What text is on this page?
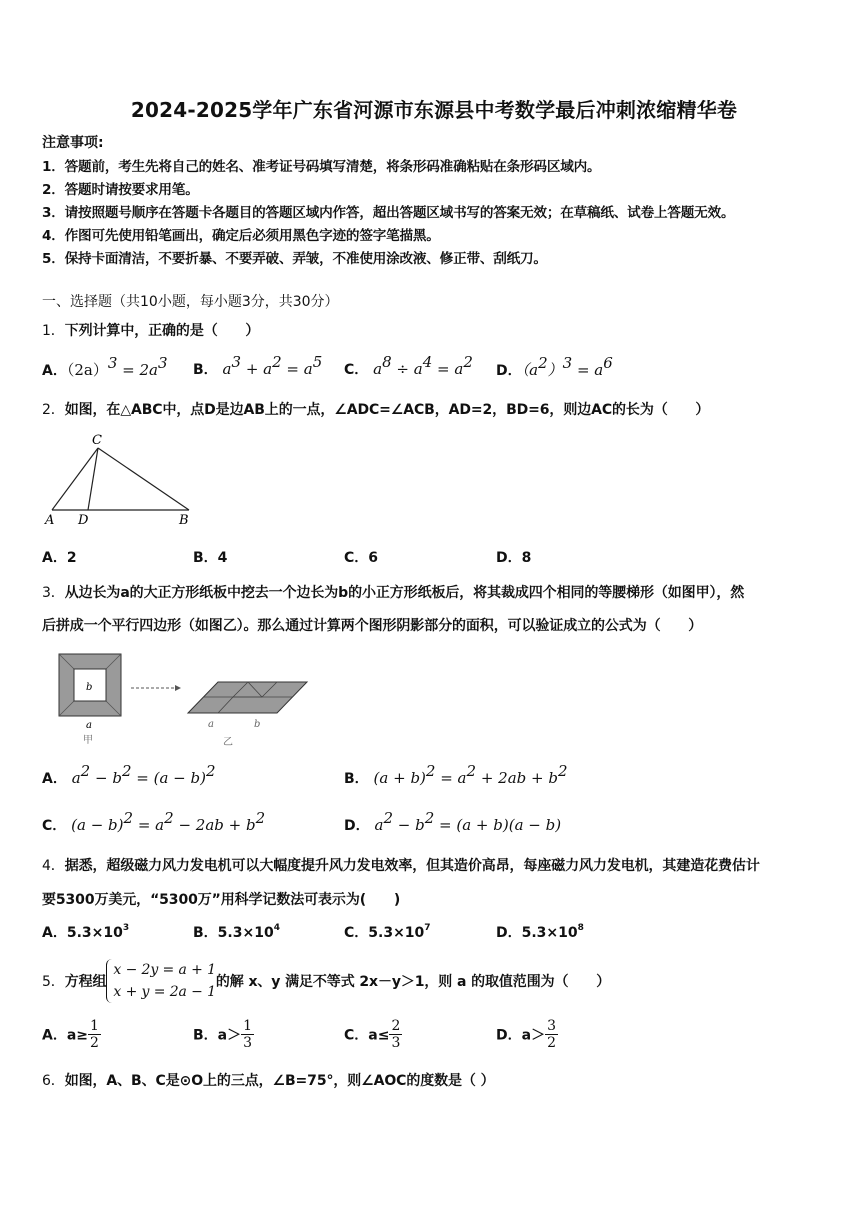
2024-2025学年广东省河源市东源县中考数学最后冲刺浓缩精华卷
注意事项:
1．答题前，考生先将自己的姓名、准考证号码填写清楚，将条形码准确粘贴在条形码区域内。
2．答题时请按要求用笔。
3．请按照题号顺序在答题卡各题目的答题区域内作答，超出答题区域书写的答案无效；在草稿纸、试卷上答题无效。
4．作图可先使用铅笔画出，确定后必须用黑色字迹的签字笔描黑。
5．保持卡面清洁，不要折暴、不要弄破、弄皱，不准使用涂改液、修正带、刮纸刀。
一、选择题（共10小题，每小题3分，共30分）
1．下列计算中，正确的是（　　）
A．$(2a)^3 = 2a^3$ B． $a^3 + a^2 = a^5$ C． $a^8 \div a^4 = a^2$ D．$(a^2)^3 = a^6$
2．如图，在△ABC中，点D是边AB上的一点，∠ADC=∠ACB，AD=2，BD=6，则边AC的长为（　　）
C
A D	B
A．2	B．4	C．6	D．8
3．从边长为a的大正方形纸板中挖去一个边长为b的小正方形纸板后，将其裁成四个相同的等腰梯形（如图甲），然
后拼成一个平行四边形（如图乙）。那么通过计算两个图形阴影部分的面积，可以验证成立的公式为（　　）
b
a
甲
a	b
乙
A． $a^2 - b^2 = (a - b)^2$	B． $(a + b)^2 = a^2 + 2ab + b^2$
C． $(a - b)^2 = a^2 - 2ab + b^2$	D． $a^2 - b^2 = (a + b)(a - b)$
4．据悉，超级磁力风力发电机可以大幅度提升风力发电效率，但其造价高昂，每座磁力风力发电机，其建造花费估计
要5300万美元，“5300万”用科学记数法可表示为(　　)
A．$5.3\times 10^3$	B．$5.3\times 10^4$	C．$5.3\times 10^7$	D．$5.3\times 10^8$
5． 方程组
x − 2y = a + 1
x + y = 2a − 1
的解 x、y 满足不等式 2x－y＞1，则 a 的取值范围为（　　）
A．$a\ge \frac{1}{2}$	B．$a> \frac{1}{3}$	C．$a\le \frac{2}{3}$	D．$a> \frac{3}{2}$
6．如图，A、B、C是⊙O上的三点，∠B=75°，则∠AOC的度数是（ ）
